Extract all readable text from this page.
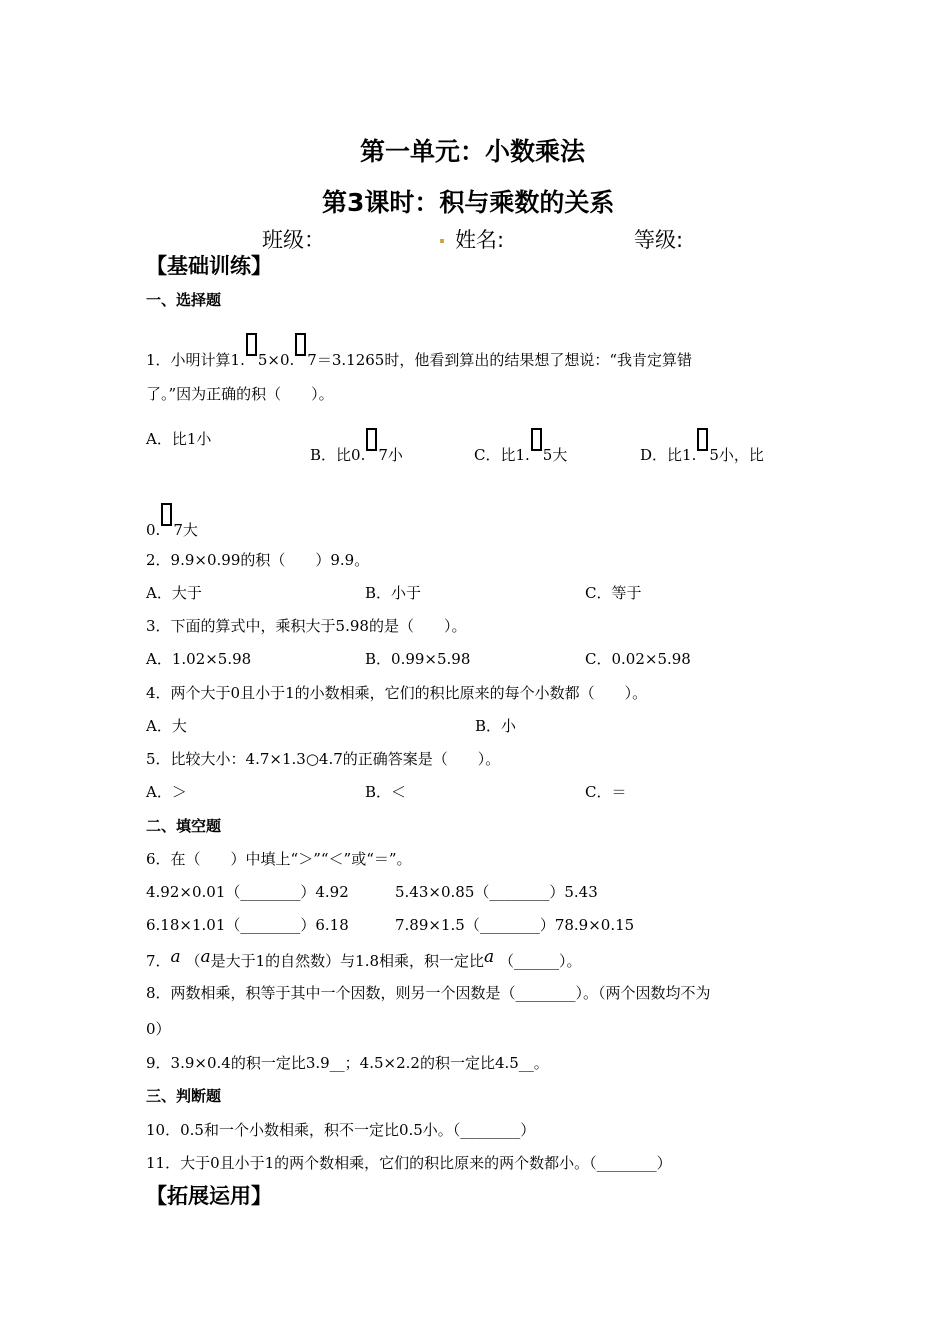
第一单元：小数乘法
第3课时：积与乘数的关系
班级：	. 姓名:	等级:
【基础训练】
一、选择题
1．小明计算1. 5×0. 7＝3.1265时，他看到算出的结果想了想说：“我肯定算错
了。”因为正确的积（　　）。
A．比1小
B．比0. 7小	C．比1. 5大	D．比1. 5小，比
0. 7大
2．9.9×0.99的积（　　）9.9。
A．大于	B．小于	C．等于
3．下面的算式中，乘积大于5.98的是（　　）。
A．1.02×5.98	B．0.99×5.98	C．0.02×5.98
4．两个大于0且小于1的小数相乘，它们的积比原来的每个小数都（　　）。
A．大	B．小
5．比较大小：4.7×1.3○4.7的正确答案是（　　）。
A．＞	B．＜	C．＝
二、填空题
6．在（　　）中填上“＞”“＜”或“＝”。
4.92×0.01（________）4.92	5.43×0.85（________）5.43
6.18×1.01（________）6.18	7.89×1.5（________）78.9×0.15
7．a （a是大于1的自然数）与1.8相乘，积一定比a （______）。
8．两数相乘，积等于其中一个因数，则另一个因数是（________）。（两个因数均不为
0）
9．3.9×0.4的积一定比3.9__；4.5×2.2的积一定比4.5__。
三、判断题
10．0.5和一个小数相乘，积不一定比0.5小。（________）
11．大于0且小于1的两个数相乘，它们的积比原来的两个数都小。（________）
【拓展运用】
